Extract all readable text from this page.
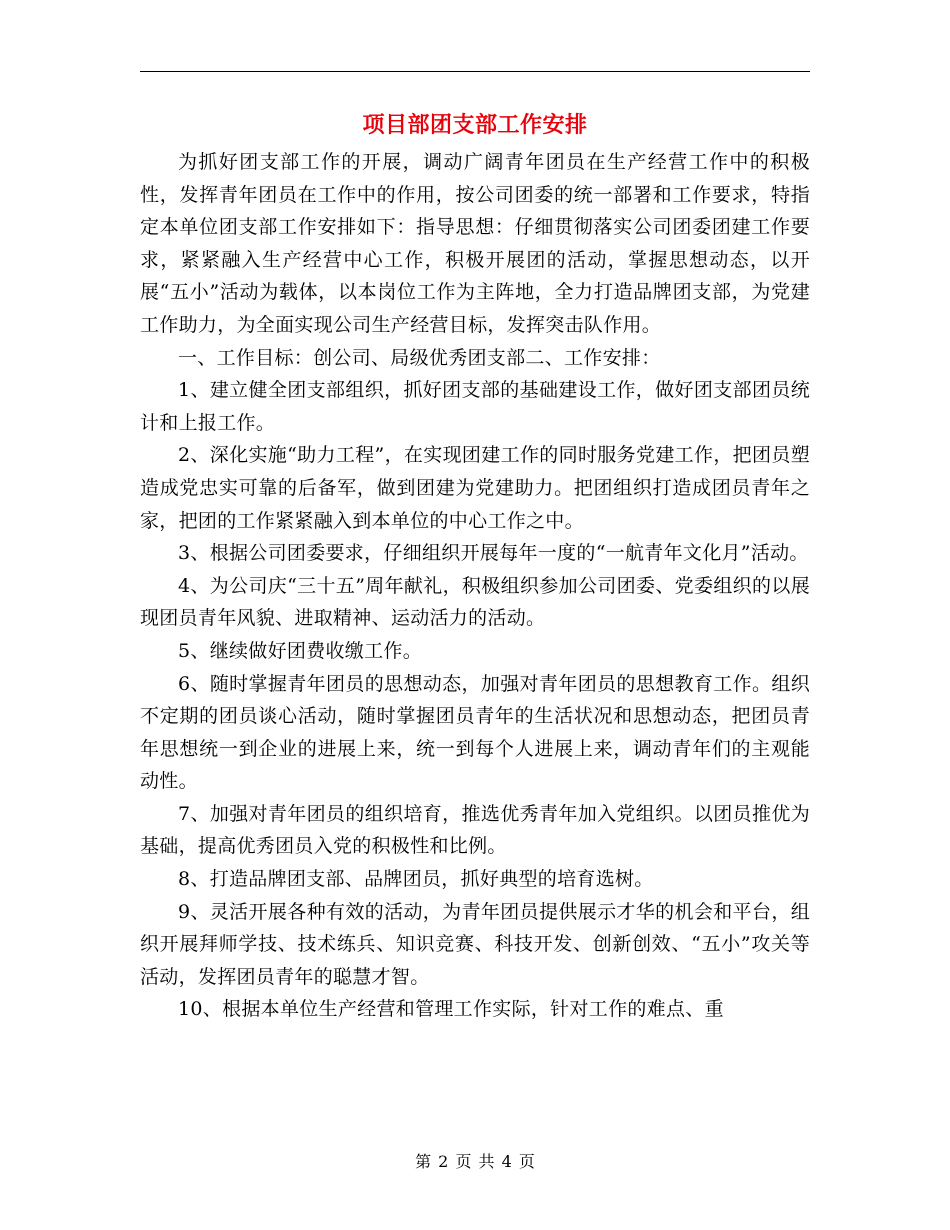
项目部团支部工作安排

为抓好团支部工作的开展，调动广阔青年团员在生产经营工作中的积极性，发挥青年团员在工作中的作用，按公司团委的统一部署和工作要求，特指定本单位团支部工作安排如下：指导思想：仔细贯彻落实公司团委团建工作要求，紧紧融入生产经营中心工作，积极开展团的活动，掌握思想动态，以开展“五小”活动为载体，以本岗位工作为主阵地，全力打造品牌团支部，为党建工作助力，为全面实现公司生产经营目标，发挥突击队作用。

一、工作目标：创公司、局级优秀团支部二、工作安排：

1、建立健全团支部组织，抓好团支部的基础建设工作，做好团支部团员统计和上报工作。

2、深化实施“助力工程”，在实现团建工作的同时服务党建工作，把团员塑造成党忠实可靠的后备军，做到团建为党建助力。把团组织打造成团员青年之家，把团的工作紧紧融入到本单位的中心工作之中。

3、根据公司团委要求，仔细组织开展每年一度的“一航青年文化月”活动。

4、为公司庆“三十五”周年献礼，积极组织参加公司团委、党委组织的以展现团员青年风貌、进取精神、运动活力的活动。

5、继续做好团费收缴工作。

6、随时掌握青年团员的思想动态，加强对青年团员的思想教育工作。组织不定期的团员谈心活动，随时掌握团员青年的生活状况和思想动态，把团员青年思想统一到企业的进展上来，统一到每个人进展上来，调动青年们的主观能动性。

7、加强对青年团员的组织培育，推选优秀青年加入党组织。以团员推优为基础，提高优秀团员入党的积极性和比例。

8、打造品牌团支部、品牌团员，抓好典型的培育选树。

9、灵活开展各种有效的活动，为青年团员提供展示才华的机会和平台，组织开展拜师学技、技术练兵、知识竞赛、科技开发、创新创效、“五小”攻关等活动，发挥团员青年的聪慧才智。

10、根据本单位生产经营和管理工作实际，针对工作的难点、重

第 2 页 共 4 页
